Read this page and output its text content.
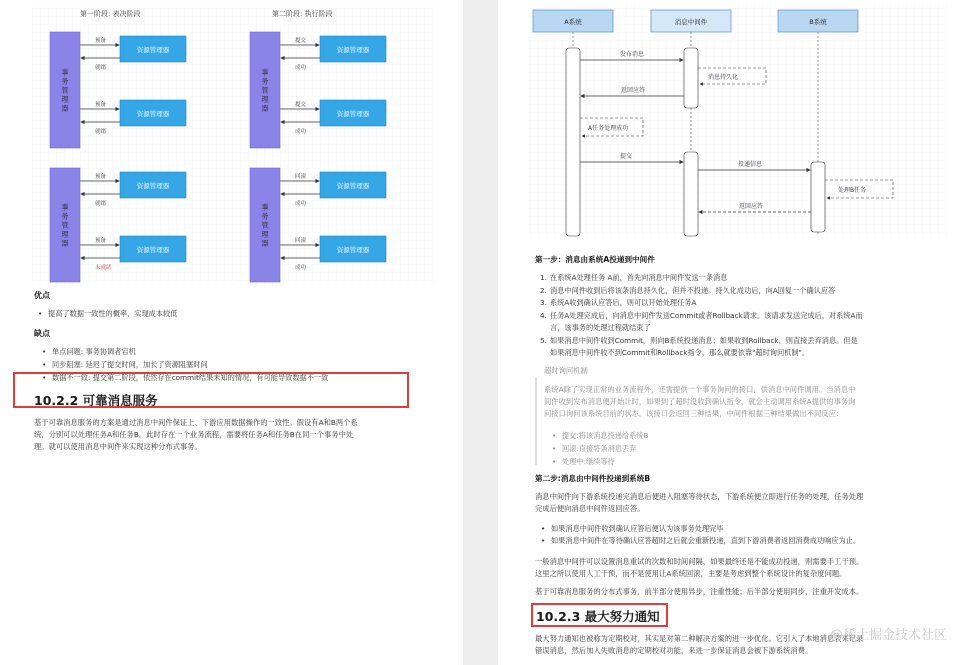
第一阶段: 表决阶段	第二阶段: 执行阶段
事
务
管
理
器
资源管理器
预备
就绪
资源管理器
预备
就绪
事
务
管
理
器
资源管理器
提交
成功
资源管理器
提交
成功
事
务
管
理
器
资源管理器
预备
就绪
资源管理器
预备
未就绪
事
务
管
理
器
资源管理器
回滚
成功
资源管理器
回滚
成功
优点
• 提高了数据一致性的概率，实现成本较低
缺点
• 单点问题: 事务协调者宕机
• 同步阻塞: 延迟了提交时间，加长了资源阻塞时间
• 数据不一致: 提交第二阶段，依然存在commit结果未知的情况，有可能导致数据不一致
10.2.2 可靠消息服务
基于可靠消息服务的方案是通过消息中间件保证上、下游应用数据操作的一致性。假设有A和B两个系
统，分别可以处理任务A和任务B。此时存在一个业务流程，需要将任务A和任务B在同一个事务中处
理。就可以使用消息中间件来实现这种分布式事务。
A系统	消息中间件	B系统
发布消息
消息持久化
返回应答
A任务处理成功
提交
投递信息
处理B任务
返回应答
第一步：消息由系统A投递到中间件
1. 在系统A处理任务 A前，首先向消息中间件发送一条消息
2. 消息中间件收到后将该条消息持久化，但并不投递。持久化成功后，向A回复一个确认应答
3. 系统A收到确认应答后，则可以开始处理任务A
4. 任务A处理完成后，向消息中间件发送Commit或者Rollback请求。该请求发送完成后，对系统A而
言，该事务的处理过程就结束了
5. 如果消息中间件收到Commit，则向B系统投递消息；如果收到Rollback，则直接丢弃消息。但是
如果消息中间件收不到Commit和Rollback指令，那么就要依靠"超时询问机制"。
超时询问机制
系统A除了实现正常的业务流程外，还需提供一个事务询问的接口，供消息中间件调用。当消息中
间件收到发布消息便开始计时，如果到了超时没收到确认指令，就会主动调用系统A提供的事务询
问接口询问该系统目前的状态。该接口会返回三种结果，中间件根据三种结果做出不同反应：
• 提交:将该消息投递给系统B
• 回滚:直接将条消息丢弃
• 处理中:继续等待
第二步:消息由中间件投递到系统B
消息中间件向下游系统投递完消息后便进入阻塞等待状态，下游系统便立即进行任务的处理，任务处理
完成后便向消息中间件返回应答。
• 如果消息中间件收到确认应答后便认为该事务处理完毕
• 如果消息中间件在等待确认应答超时之后就会重新投递，直到下游消费者返回消费成功响应为止。
一般消息中间件可以设置消息重试的次数和时间间隔，如果最终还是不能成功投递，则需要手工干预。
这里之所以使用人工干预，而不是使用让A系统回滚，主要是考虑到整个系统设计的复杂度问题。
基于可靠消息服务的分布式事务，前半部分使用异步，注重性能；后半部分使用同步，注重开发成本。
10.2.3 最大努力通知
最大努力通知也被称为定期校对，其实是对第二种解决方案的进一步优化。它引入了本地消息表来记录
错误消息，然后加入失败消息的定期校对功能，来进一步保证消息会被下游系统消费。
@稀土掘金技术社区
